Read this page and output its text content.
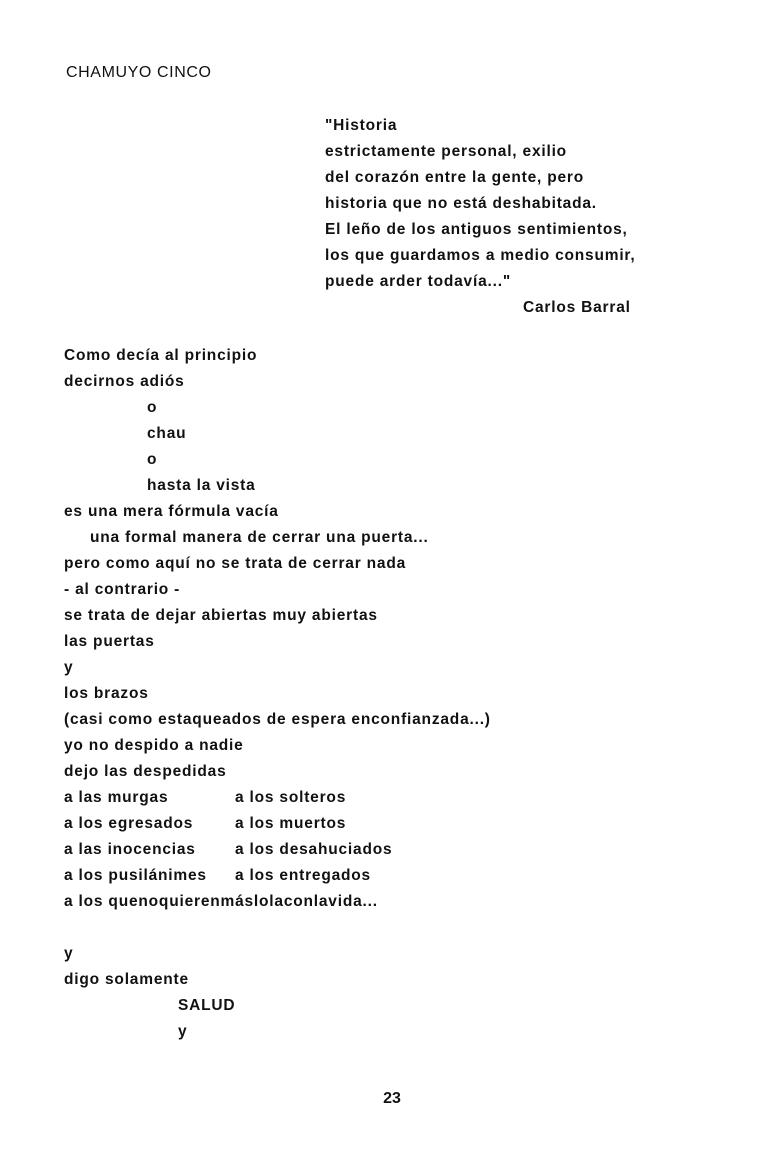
CHAMUYO CINCO
"Historia
estrictamente personal, exilio
del corazón entre la gente, pero
historia que no está deshabitada.
El leño de los antiguos sentimientos,
los que guardamos a medio consumir,
puede arder todavía..."
Carlos Barral
Como decía al principio
decirnos adiós
o
chau
o
hasta la vista
es una mera fórmula vacía
una formal manera de cerrar una puerta...
pero como aquí no se trata de cerrar nada
- al contrario -
se trata de dejar abiertas muy abiertas
las puertas
y
los brazos
(casi como estaqueados de espera enconfianzada...)
yo no despido a nadie
dejo las despedidas
a las murgas	a los solteros
a los egresados	a los muertos
a las inocencias	a los desahuciados
a los pusilánimes	a los entregados
a los quenoquierenmáslolaconlavida...
y
digo solamente
SALUD
y
23
